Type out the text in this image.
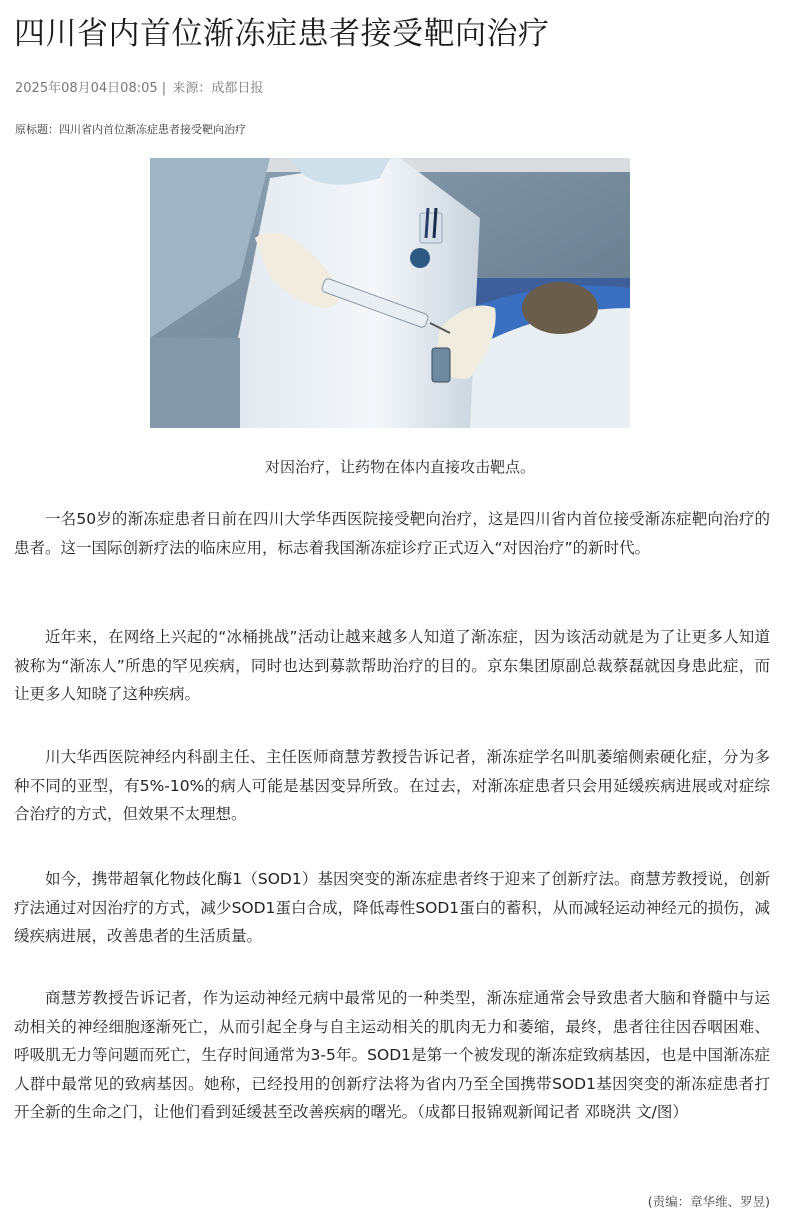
四川省内首位渐冻症患者接受靶向治疗
2025年08月04日08:05 | 来源：成都日报
原标题：四川省内首位渐冻症患者接受靶向治疗
对因治疗，让药物在体内直接攻击靶点。

一名50岁的渐冻症患者日前在四川大学华西医院接受靶向治疗，这是四川省内首位接受渐冻症靶向治疗的患者。这一国际创新疗法的临床应用，标志着我国渐冻症诊疗正式迈入“对因治疗”的新时代。

近年来，在网络上兴起的“冰桶挑战”活动让越来越多人知道了渐冻症，因为该活动就是为了让更多人知道被称为“渐冻人”所患的罕见疾病，同时也达到募款帮助治疗的目的。京东集团原副总裁蔡磊就因身患此症，而让更多人知晓了这种疾病。

川大华西医院神经内科副主任、主任医师商慧芳教授告诉记者，渐冻症学名叫肌萎缩侧索硬化症，分为多种不同的亚型，有5%-10%的病人可能是基因变异所致。在过去，对渐冻症患者只会用延缓疾病进展或对症综合治疗的方式，但效果不太理想。

如今，携带超氧化物歧化酶1（SOD1）基因突变的渐冻症患者终于迎来了创新疗法。商慧芳教授说，创新疗法通过对因治疗的方式，减少SOD1蛋白合成，降低毒性SOD1蛋白的蓄积，从而减轻运动神经元的损伤，减缓疾病进展，改善患者的生活质量。

商慧芳教授告诉记者，作为运动神经元病中最常见的一种类型，渐冻症通常会导致患者大脑和脊髓中与运动相关的神经细胞逐渐死亡，从而引起全身与自主运动相关的肌肉无力和萎缩，最终，患者往往因吞咽困难、呼吸肌无力等问题而死亡，生存时间通常为3-5年。SOD1是第一个被发现的渐冻症致病基因，也是中国渐冻症人群中最常见的致病基因。她称，已经投用的创新疗法将为省内乃至全国携带SOD1基因突变的渐冻症患者打开全新的生命之门，让他们看到延缓甚至改善疾病的曙光。（成都日报锦观新闻记者 邓晓洪 文/图）

(责编：章华维、罗昱)
